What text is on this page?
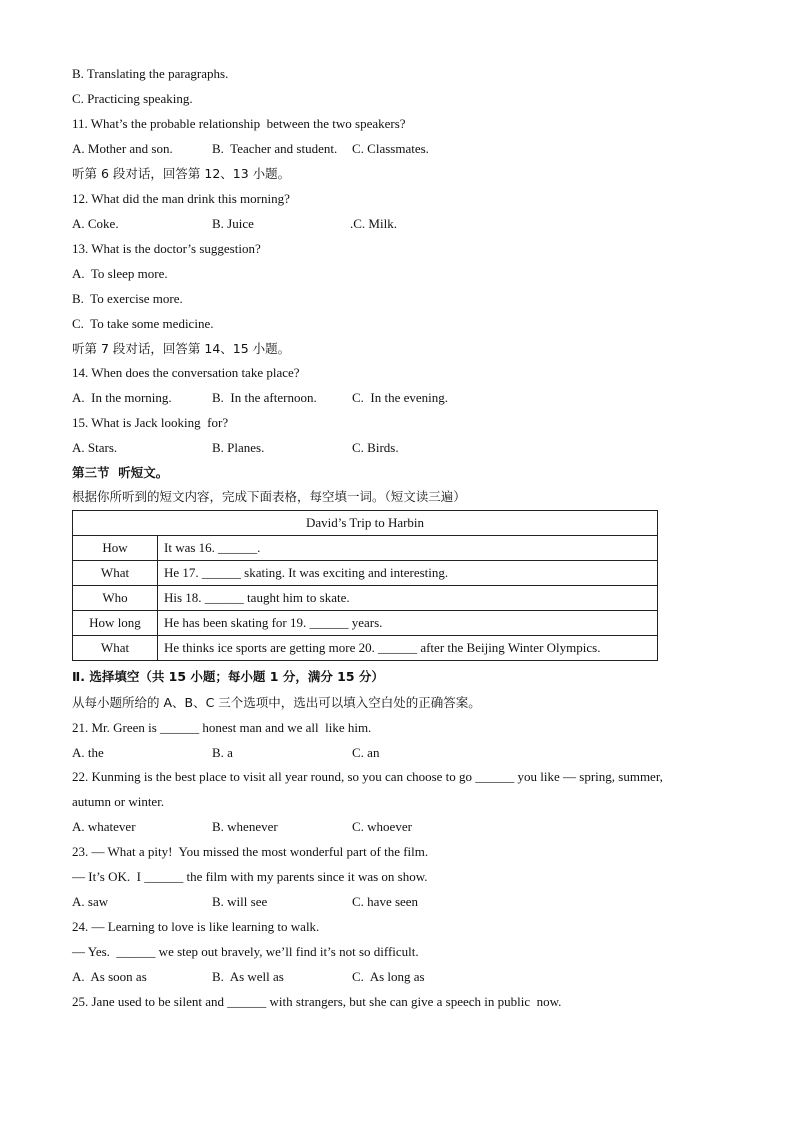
B. Translating the paragraphs.
C. Practicing speaking.
11. What’s the probable relationship  between the two speakers?
A. Mother and son.	B.  Teacher and student. C. Classmates.
听第 6 段对话，回答第 12、13 小题。
12. What did the man drink this morning?
A. Coke.	B. Juice	.C. Milk.
13. What is the doctor’s suggestion?
A.  To sleep more.
B.  To exercise more.
C.  To take some medicine.
听第 7 段对话，回答第 14、15 小题。
14. When does the conversation take place?
A.  In the morning.	B.  In the afternoon.	C.  In the evening.
15. What is Jack looking  for?
A. Stars.	B. Planes.	C. Birds.
第三节  听短文。
根据你所听到的短文内容，完成下面表格，每空填一词。（短文读三遍）
David’s Trip to Harbin	
How	It was 16. ______.
What	He 17. ______ skating. It was exciting and interesting.
Who	His 18. ______ taught him to skate.
How long	He has been skating for 19. ______ years.
What	He thinks ice sports are getting more 20. ______ after the Beijing Winter Olympics.
Ⅱ. 选择填空（共 15 小题；每小题 1 分，满分 15 分）
从每小题所给的 A、B、C 三个选项中，选出可以填入空白处的正确答案。
21. Mr. Green is ______ honest man and we all  like him.
A. the	B. a	C. an
22. Kunming is the best place to visit all year round, so you can choose to go ______ you like — spring, summer,
autumn or winter.
A. whatever	B. whenever	C. whoever
23. — What a pity!  You missed the most wonderful part of the film.
— It’s OK.  I ______ the film with my parents since it was on show.
A. saw	B. will see	C. have seen
24. — Learning to love is like learning to walk.
— Yes.  ______ we step out bravely, we’ll find it’s not so difficult.
A.  As soon as	B.  As well as	C.  As long as
25. Jane used to be silent and ______ with strangers, but she can give a speech in public  now.
